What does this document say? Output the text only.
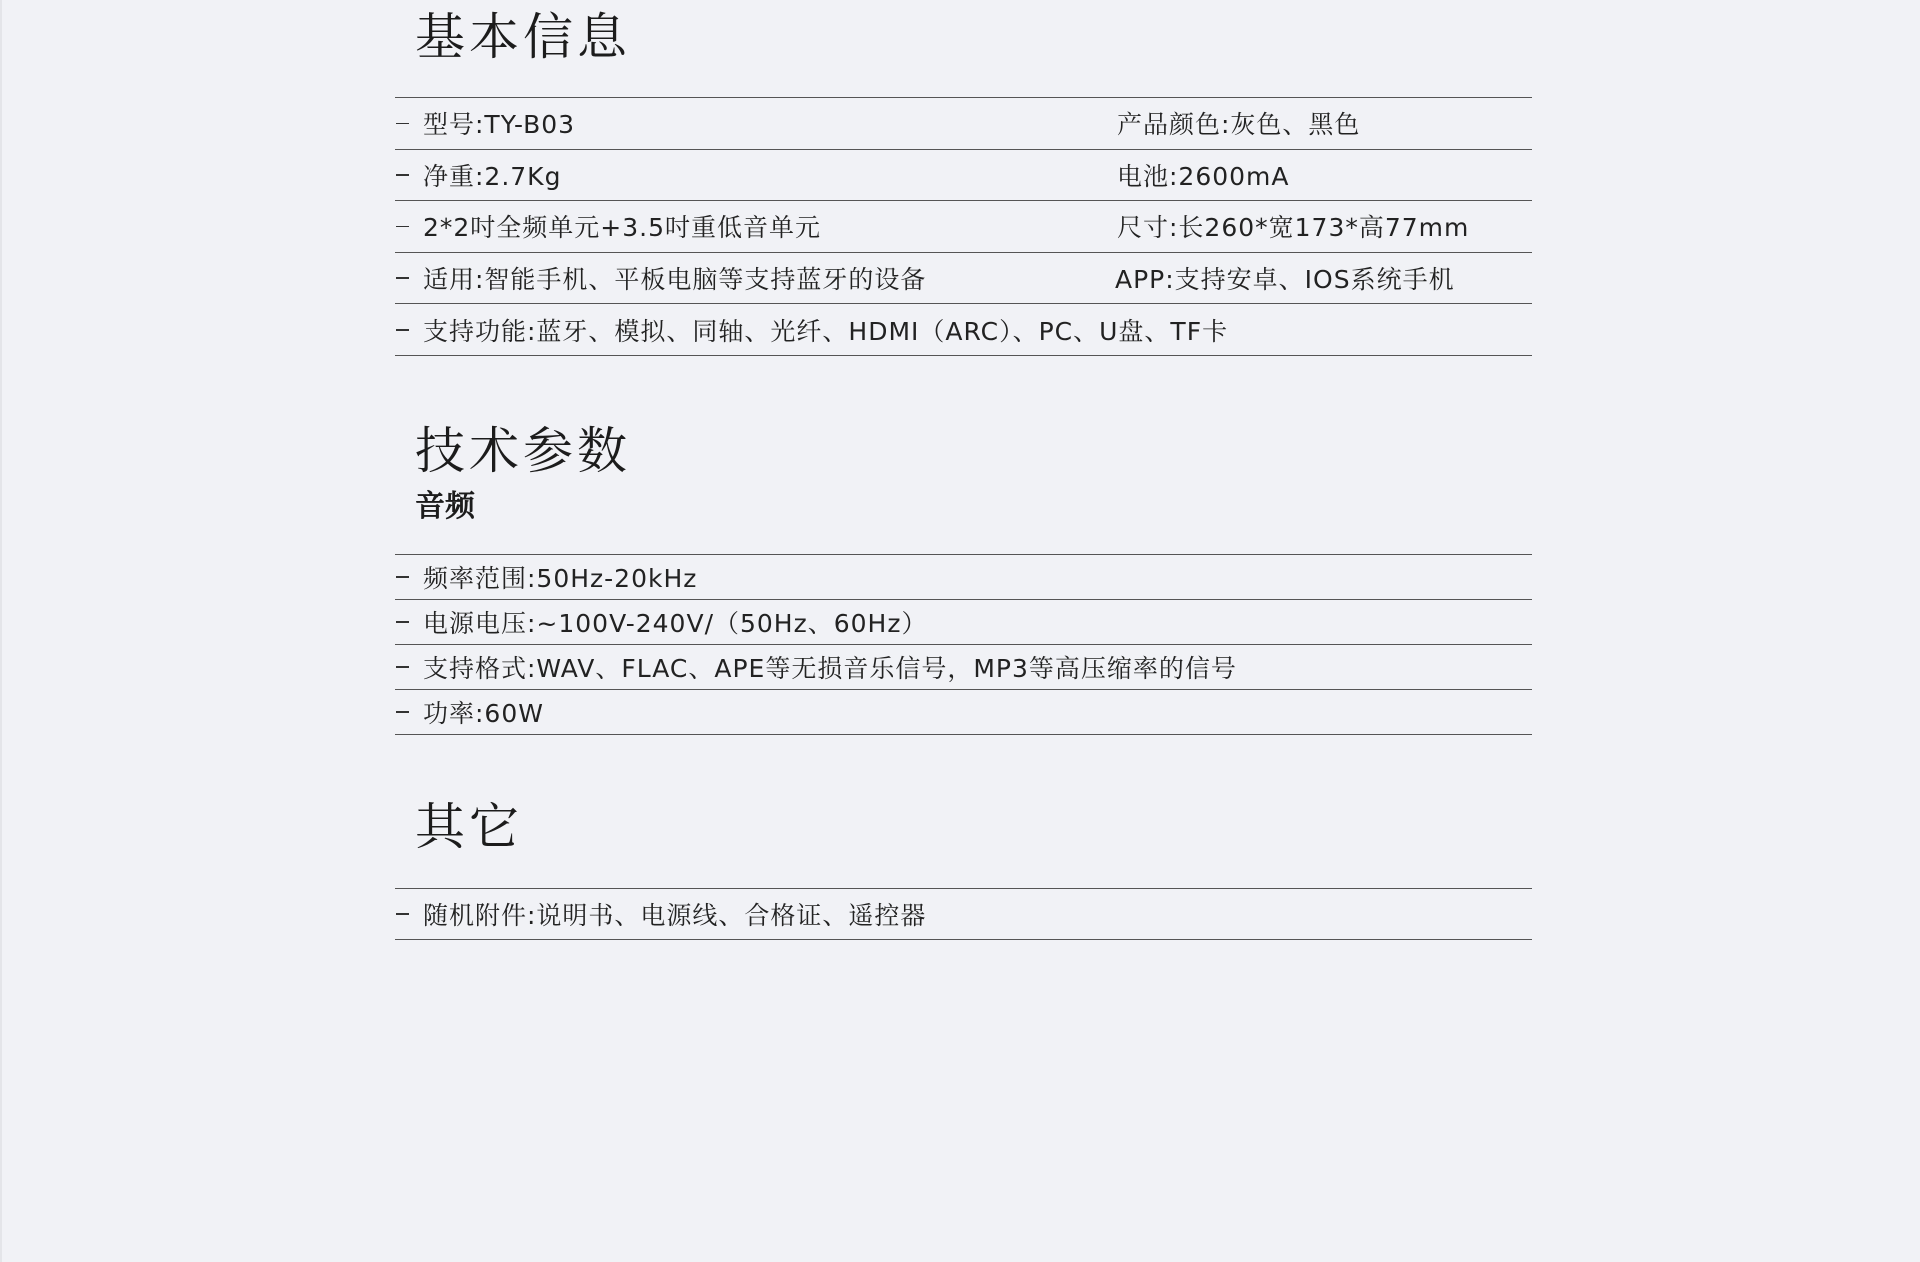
基本信息
型号:TY-B03	产品颜色:灰色、黑色
净重:2.7Kg	电池:2600mA
2*2吋全频单元+3.5吋重低音单元	尺寸:长260*宽173*高77mm
适用:智能手机、平板电脑等支持蓝牙的设备	APP:支持安卓、IOS系统手机
支持功能:蓝牙、模拟、同轴、光纤、HDMI（ARC）、PC、U盘、TF卡
技术参数
音频
频率范围:50Hz-20kHz
电源电压:~100V-240V/（50Hz、60Hz）
支持格式:WAV、FLAC、APE等无损音乐信号，MP3等高压缩率的信号
功率:60W
其它
随机附件:说明书、电源线、合格证、遥控器
